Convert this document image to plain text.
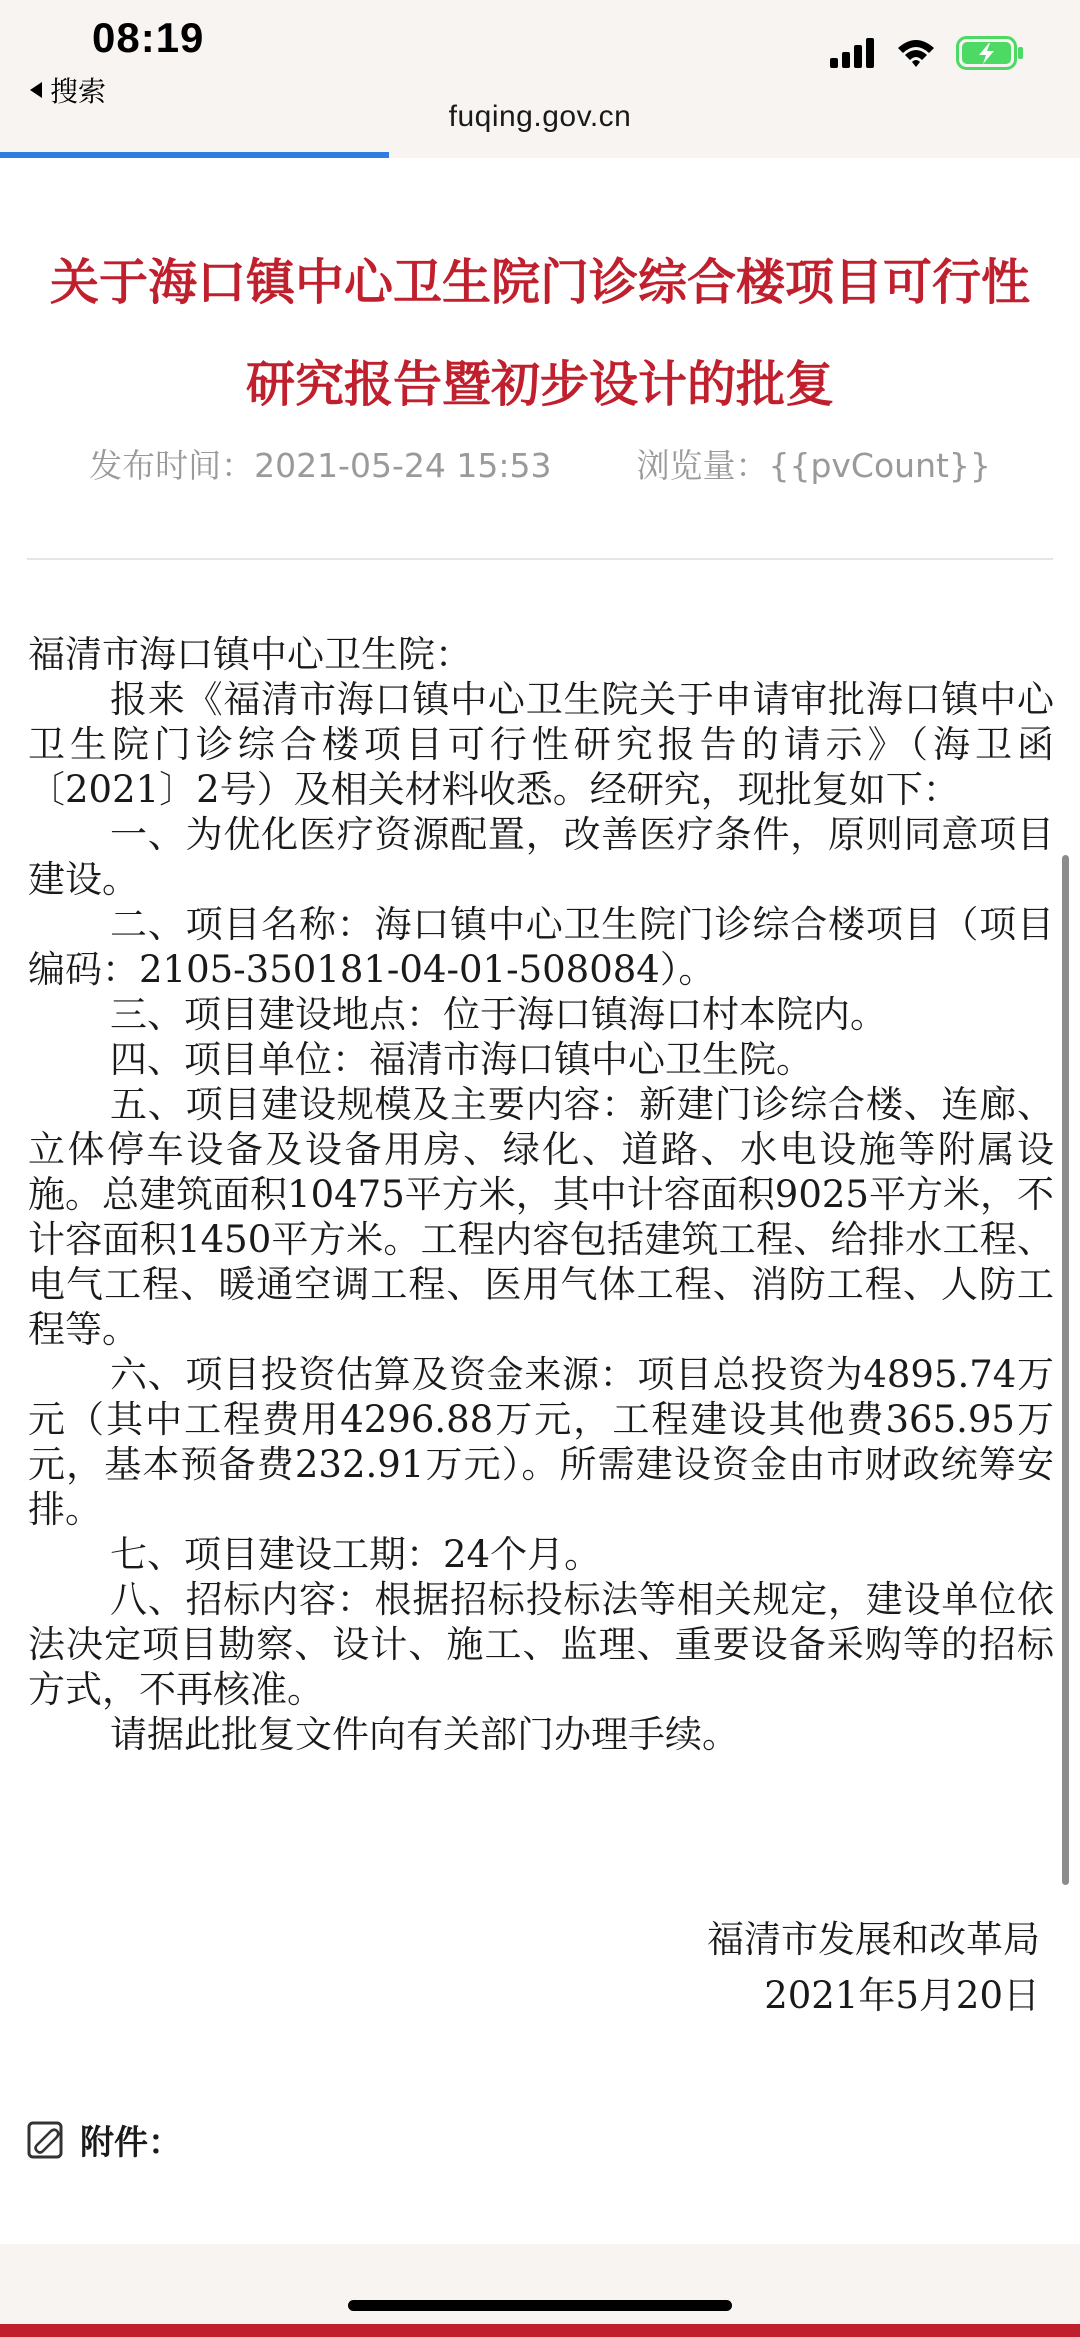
08:19
搜索
fuqing.gov.cn
关于海口镇中心卫生院门诊综合楼项目可行性研究报告暨初步设计的批复
发布时间：2021-05-24 15:53	浏览量：{{pvCount}}

福清市海口镇中心卫生院：

报来《福清市海口镇中心卫生院关于申请审批海口镇中心卫生院门诊综合楼项目可行性研究报告的请示》（海卫函〔2021〕2号）及相关材料收悉。经研究，现批复如下：

一、为优化医疗资源配置，改善医疗条件，原则同意项目建设。

二、项目名称：海口镇中心卫生院门诊综合楼项目（项目编码：2105-350181-04-01-508084）。

三、项目建设地点：位于海口镇海口村本院内。

四、项目单位：福清市海口镇中心卫生院。

五、项目建设规模及主要内容：新建门诊综合楼、连廊、立体停车设备及设备用房、绿化、道路、水电设施等附属设施。总建筑面积10475平方米，其中计容面积9025平方米，不计容面积1450平方米。工程内容包括建筑工程、给排水工程、电气工程、暖通空调工程、医用气体工程、消防工程、人防工程等。

六、项目投资估算及资金来源：项目总投资为4895.74万元（其中工程费用4296.88万元，工程建设其他费365.95万元，基本预备费232.91万元）。所需建设资金由市财政统筹安排。

七、项目建设工期：24个月。

八、招标内容：根据招标投标法等相关规定，建设单位依法决定项目勘察、设计、施工、监理、重要设备采购等的招标方式，不再核准。

请据此批复文件向有关部门办理手续。

福清市发展和改革局
2021年5月20日
附件：
